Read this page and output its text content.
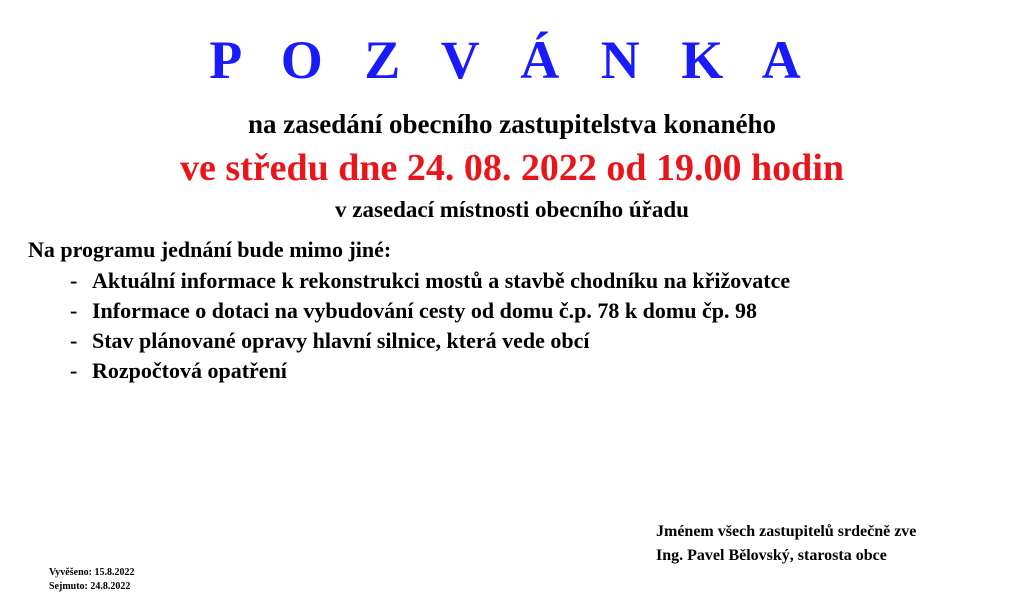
P O Z V Á N K A

na zasedání obecního zastupitelstva konaného

ve středu dne 24. 08. 2022 od 19.00 hodin

v zasedací místnosti obecního úřadu

Na programu jednání bude mimo jiné:

- Aktuální informace k rekonstrukci mostů a stavbě chodníku na křižovatce
- Informace o dotaci na vybudování cesty od domu č.p. 78 k domu čp. 98
- Stav plánované opravy hlavní silnice, která vede obcí
- Rozpočtová opatření
Jménem všech zastupitelů srdečně zve
Ing. Pavel Bělovský, starosta obce
Vyvěšeno: 15.8.2022
Sejmuto: 24.8.2022
